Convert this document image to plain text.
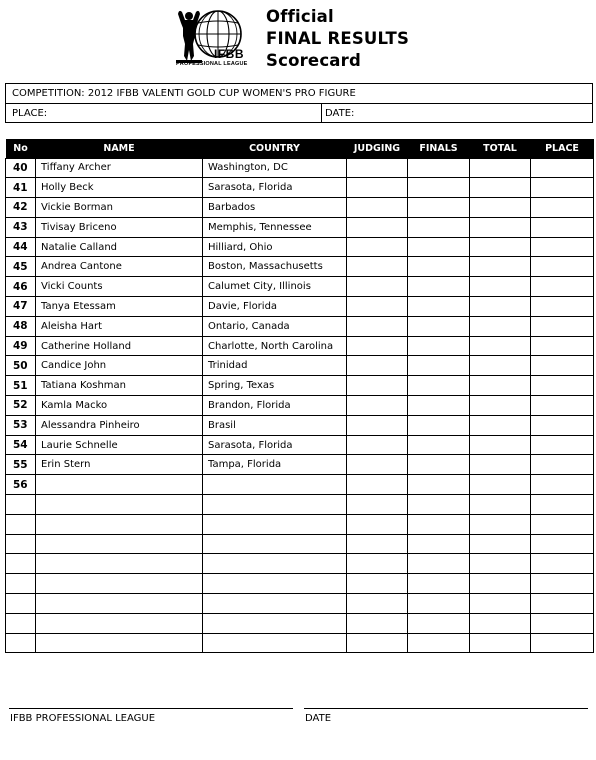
IFBB
PROFESSIONAL LEAGUE
Official
FINAL RESULTS
Scorecard
COMPETITION: 2012 IFBB VALENTI GOLD CUP WOMEN'S PRO FIGURE
PLACE:	DATE:
No	NAME	COUNTRY	JUDGING	FINALS	TOTAL	PLACE
40	Tiffany Archer	Washington, DC				
41	Holly Beck	Sarasota, Florida				
42	Vickie Borman	Barbados				
43	Tivisay Briceno	Memphis, Tennessee				
44	Natalie Calland	Hilliard, Ohio				
45	Andrea Cantone	Boston, Massachusetts				
46	Vicki Counts	Calumet City, Illinois				
47	Tanya Etessam	Davie, Florida				
48	Aleisha Hart	Ontario, Canada				
49	Catherine Holland	Charlotte, North Carolina				
50	Candice John	Trinidad				
51	Tatiana Koshman	Spring, Texas				
52	Kamla Macko	Brandon, Florida				
53	Alessandra Pinheiro	Brasil				
54	Laurie Schnelle	Sarasota, Florida				
55	Erin Stern	Tampa, Florida				
56						

IFBB PROFESSIONAL LEAGUE	DATE
